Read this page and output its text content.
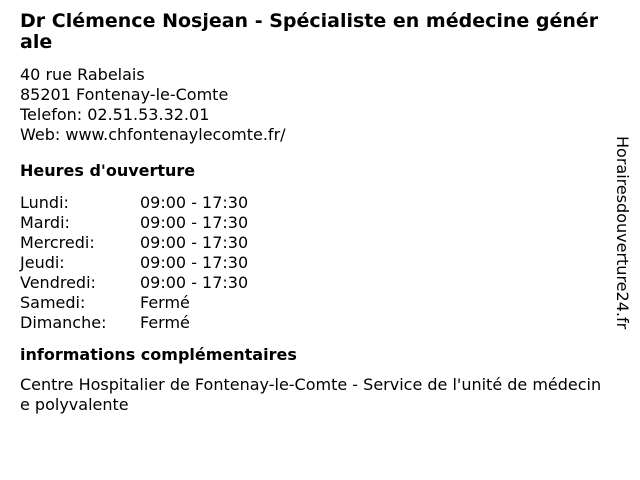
Dr Clémence Nosjean - Spécialiste en médecine générale
40 rue Rabelais
85201 Fontenay-le-Comte
Telefon: 02.51.53.32.01
Web: www.chfontenaylecomte.fr/
Heures d'ouverture
Lundi:	09:00 - 17:30
Mardi:	09:00 - 17:30
Mercredi:	09:00 - 17:30
Jeudi:	09:00 - 17:30
Vendredi:	09:00 - 17:30
Samedi:	Fermé
Dimanche:	Fermé
informations complémentaires
Centre Hospitalier de Fontenay-le-Comte - Service de l'unité de médecine polyvalente
Horairesdouverture24.fr
